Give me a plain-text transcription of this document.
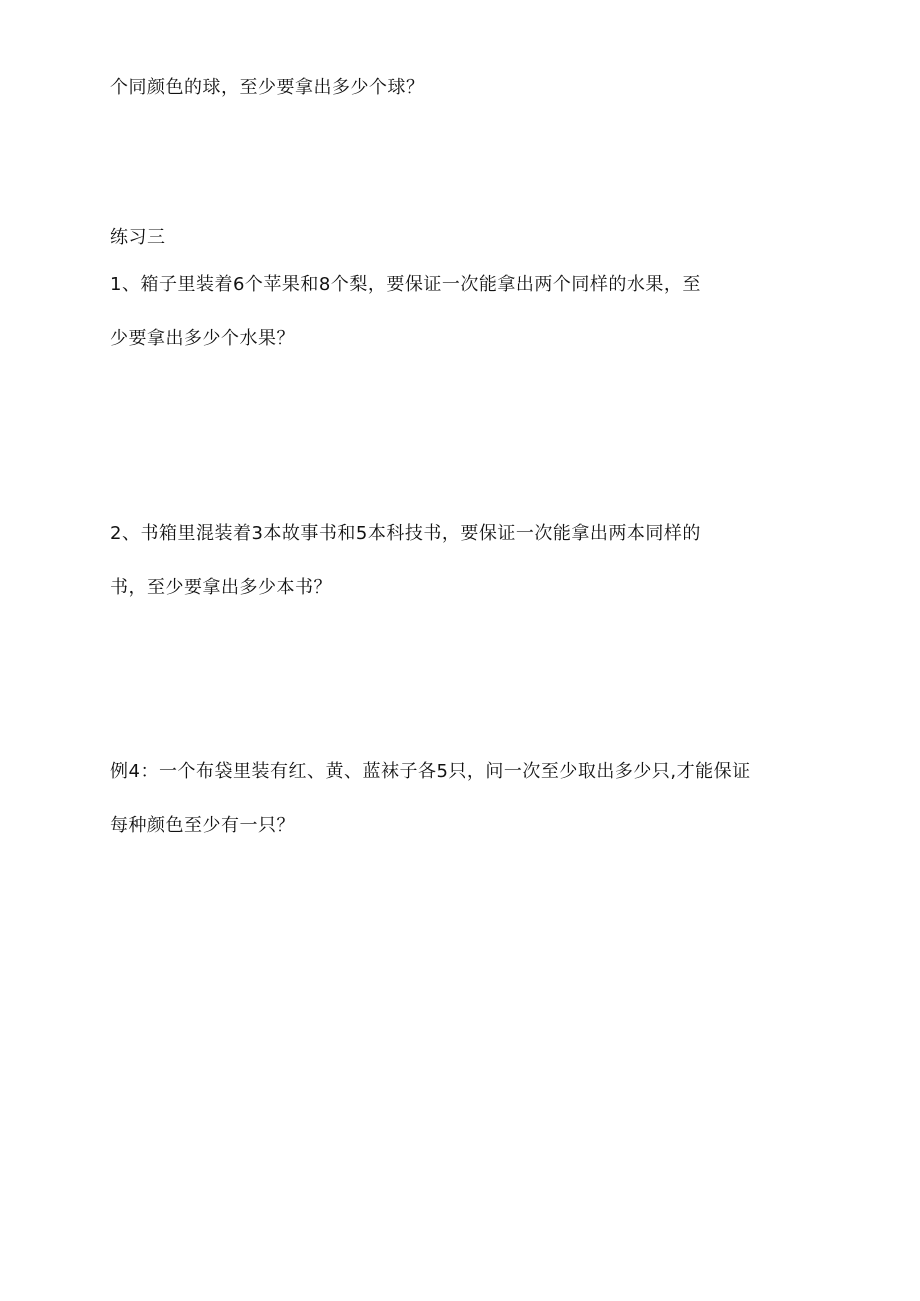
个同颜色的球，至少要拿出多少个球？
练习三
1、箱子里装着6个苹果和8个梨，要保证一次能拿出两个同样的水果，至
少要拿出多少个水果？
2、书箱里混装着3本故事书和5本科技书，要保证一次能拿出两本同样的
书，至少要拿出多少本书？
例4：一个布袋里装有红、黄、蓝袜子各5只，问一次至少取出多少只,才能保证
每种颜色至少有一只？
